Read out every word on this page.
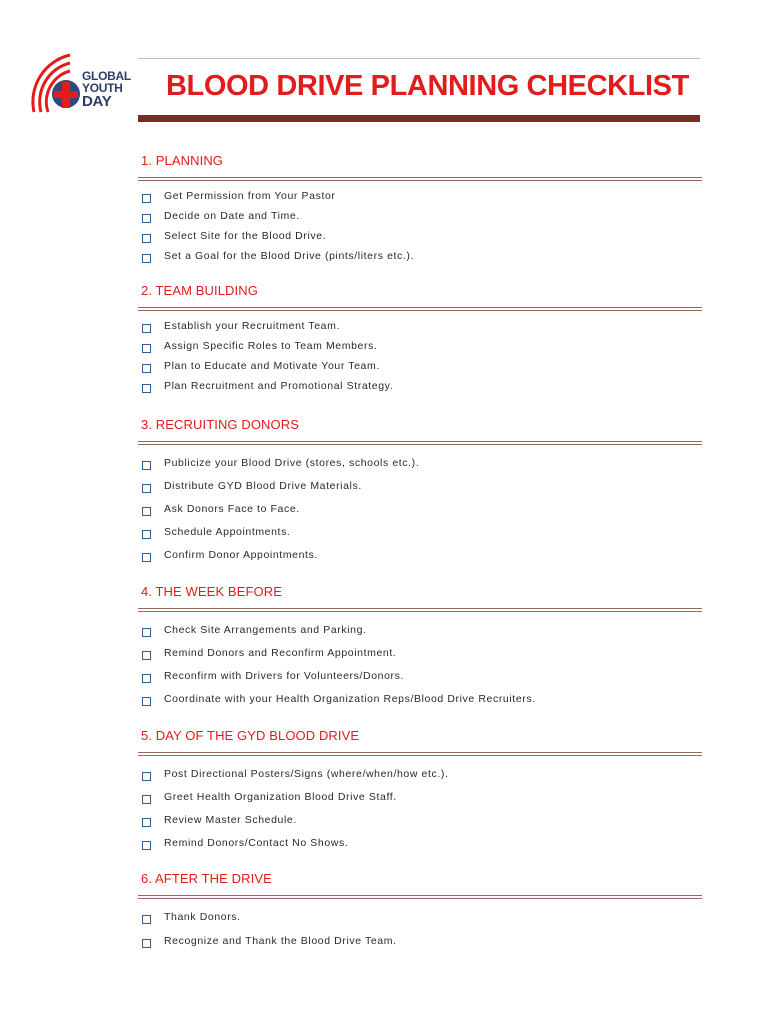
GLOBAL
YOUTH
DAY	BLOOD DRIVE PLANNING CHECKLIST
1. PLANNING
Get Permission from Your Pastor
Decide on Date and Time.
Select Site for the Blood Drive.
Set a Goal for the Blood Drive (pints/liters etc.).
2. TEAM BUILDING
Establish your Recruitment Team.
Assign Specific Roles to Team Members.
Plan to Educate and Motivate Your Team.
Plan Recruitment and Promotional Strategy.
3. RECRUITING DONORS
Publicize your Blood Drive (stores, schools etc.).
Distribute GYD Blood Drive Materials.
Ask Donors Face to Face.
Schedule Appointments.
Confirm Donor Appointments.
4. THE WEEK BEFORE
Check Site Arrangements and Parking.
Remind Donors and Reconfirm Appointment.
Reconfirm with Drivers for Volunteers/Donors.
Coordinate with your Health Organization Reps/Blood Drive Recruiters.
5. DAY OF THE GYD BLOOD DRIVE
Post Directional Posters/Signs (where/when/how etc.).
Greet Health Organization Blood Drive Staff.
Review Master Schedule.
Remind Donors/Contact No Shows.
6. AFTER THE DRIVE
Thank Donors.
Recognize and Thank the Blood Drive Team.
